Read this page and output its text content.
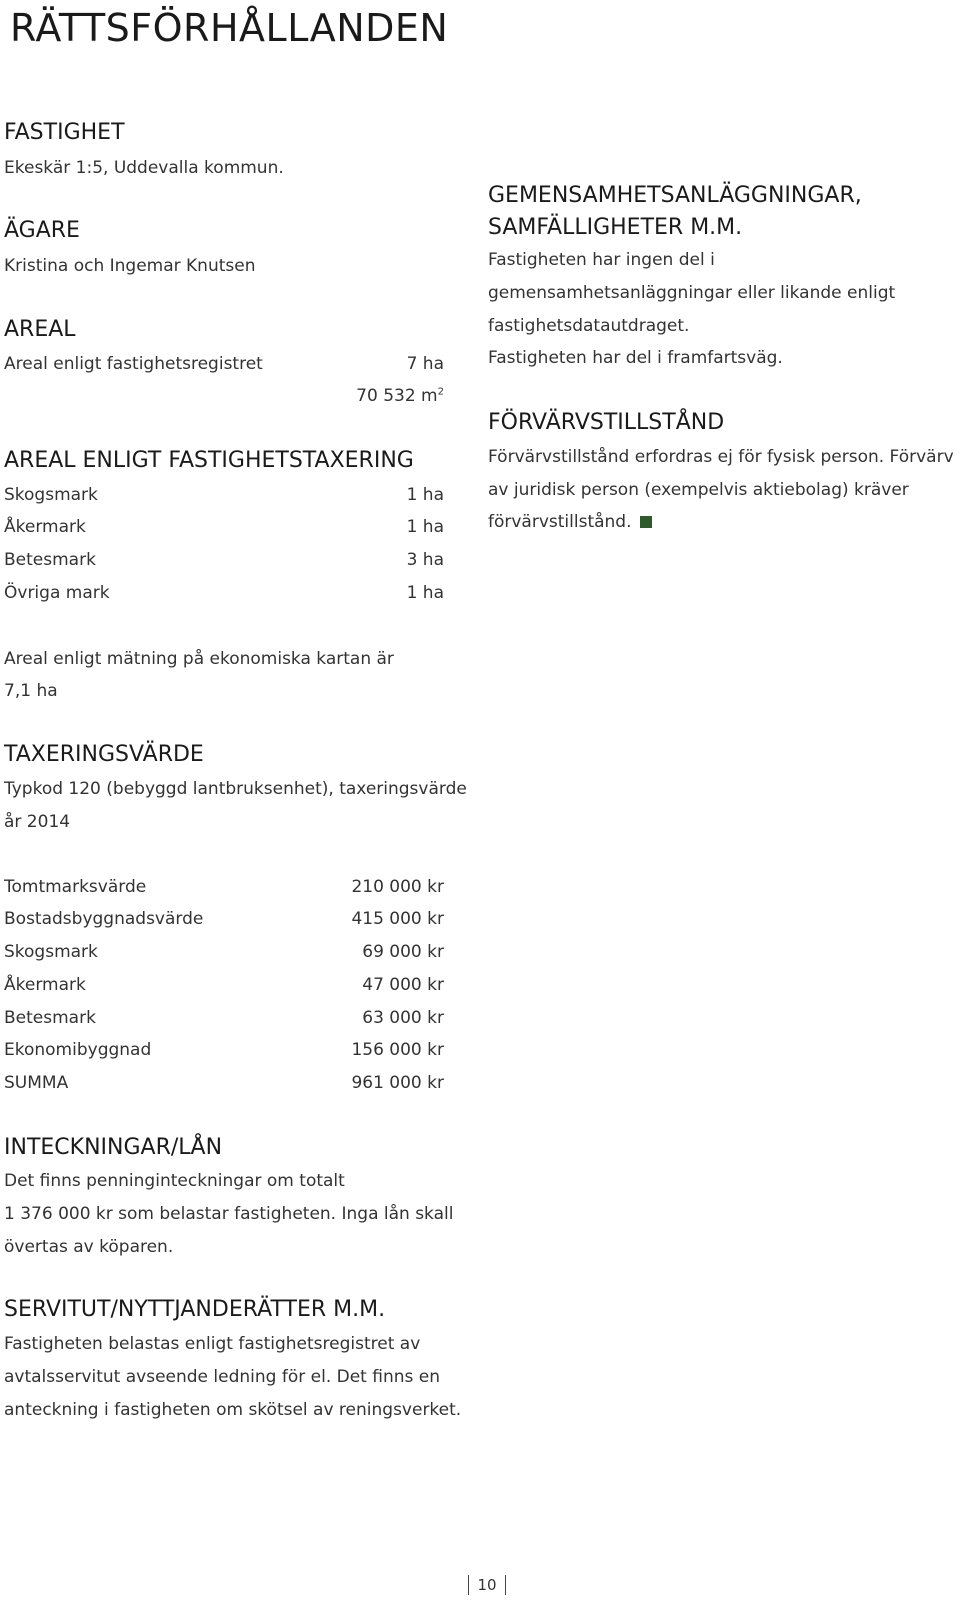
RÄTTSFÖRHÅLLANDEN
FASTIGHET
Ekeskär 1:5, Uddevalla kommun.
ÄGARE
Kristina och Ingemar Knutsen
AREAL
Areal enligt fastighetsregistret	7 ha
70 532 $m^2$
AREAL ENLIGT FASTIGHETSTAXERING
Skogsmark	1 ha
Åkermark	1 ha
Betesmark	3 ha
Övriga mark	1 ha
Areal enligt mätning på ekonomiska kartan är
7,1 ha
TAXERINGSVÄRDE
Typkod 120 (bebyggd lantbruksenhet), taxeringsvärde
år 2014
Tomtmarksvärde	210 000 kr
Bostadsbyggnadsvärde	415 000 kr
Skogsmark	69 000 kr
Åkermark	47 000 kr
Betesmark	63 000 kr
Ekonomibyggnad	156 000 kr
SUMMA	961 000 kr
INTECKNINGAR/LÅN
Det finns penninginteckningar om totalt
1 376 000 kr som belastar fastigheten. Inga lån skall
övertas av köparen.
SERVITUT/NYTTJANDERÄTTER M.M.
Fastigheten belastas enligt fastighetsregistret av
avtalsservitut avseende ledning för el. Det finns en
anteckning i fastigheten om skötsel av reningsverket.
GEMENSAMHETSANLÄGGNINGAR,
SAMFÄLLIGHETER M.M.
Fastigheten har ingen del i
gemensamhetsanläggningar eller likande enligt
fastighetsdatautdraget.
Fastigheten har del i framfartsväg.
FÖRVÄRVSTILLSTÅND
Förvärvstillstånd erfordras ej för fysisk person. Förvärv
av juridisk person (exempelvis aktiebolag) kräver
förvärvstillstånd.
10
